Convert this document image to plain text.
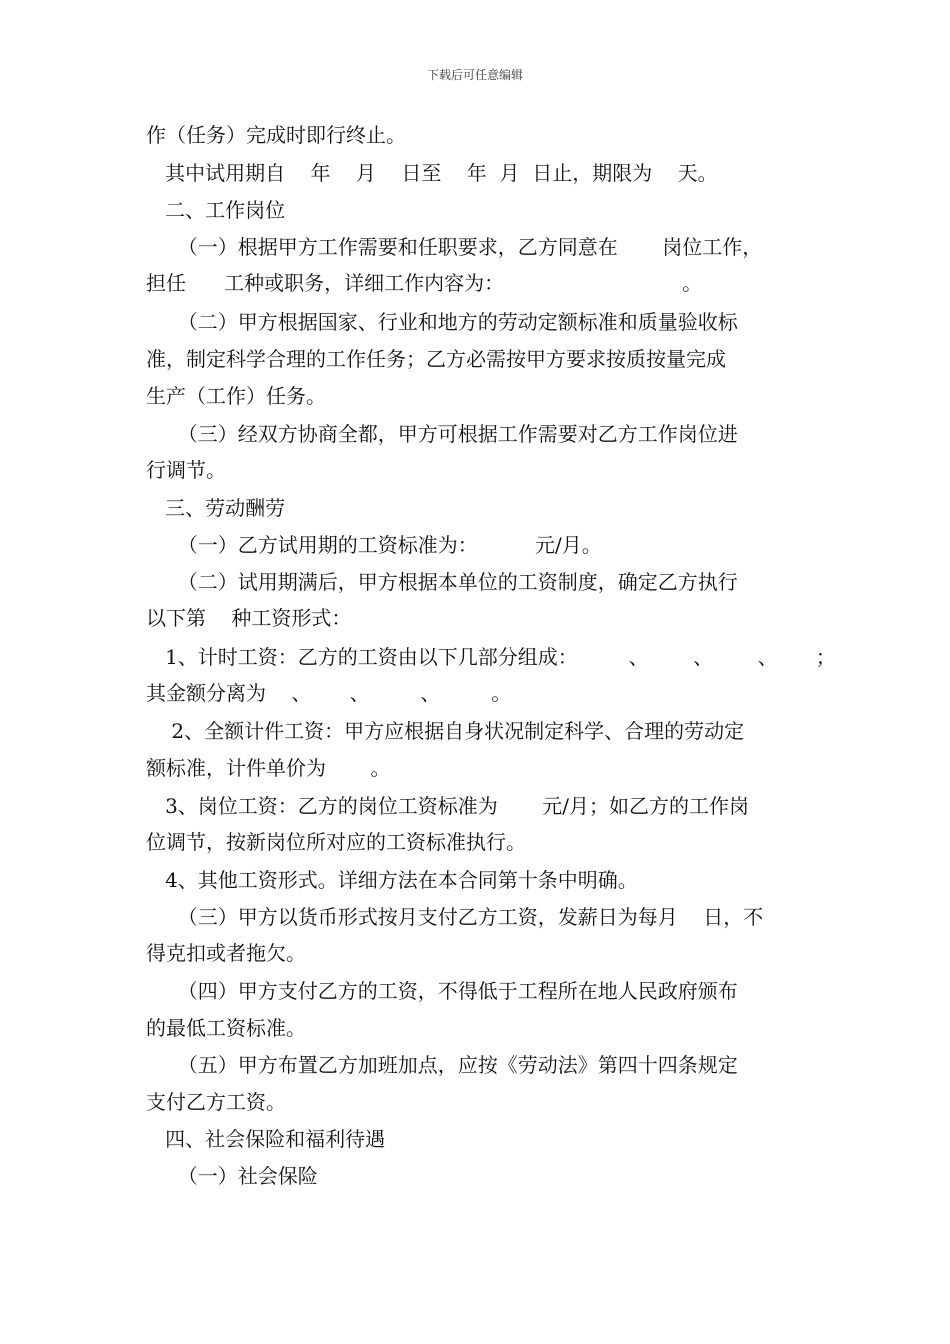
下载后可任意编辑
作（任务）完成时即行终止。
其中试用期自    年    月    日至    年  月  日止，期限为    天。
二、工作岗位
（一）根据甲方工作需要和任职要求，乙方同意在       岗位工作，
担任      工种或职务，详细工作内容为：                            。
（二）甲方根据国家、行业和地方的劳动定额标准和质量验收标
准，制定科学合理的工作任务；乙方必需按甲方要求按质按量完成
生产（工作）任务。
（三）经双方协商全都，甲方可根据工作需要对乙方工作岗位进
行调节。
三、劳动酬劳
（一）乙方试用期的工资标准为：         元/月。
（二）试用期满后，甲方根据本单位的工资制度，确定乙方执行
以下第    种工资形式：
1、计时工资：乙方的工资由以下几部分组成：        、       、       、      ；
其金额分离为    、      、        、        。
2、全额计件工资：甲方应根据自身状况制定科学、合理的劳动定
额标准，计件单价为       。
3、岗位工资：乙方的岗位工资标准为       元/月；如乙方的工作岗
位调节，按新岗位所对应的工资标准执行。
4、其他工资形式。详细方法在本合同第十条中明确。
（三）甲方以货币形式按月支付乙方工资，发薪日为每月    日，不
得克扣或者拖欠。
（四）甲方支付乙方的工资，不得低于工程所在地人民政府颁布
的最低工资标准。
（五）甲方布置乙方加班加点，应按《劳动法》第四十四条规定
支付乙方工资。
四、社会保险和福利待遇
（一）社会保险
